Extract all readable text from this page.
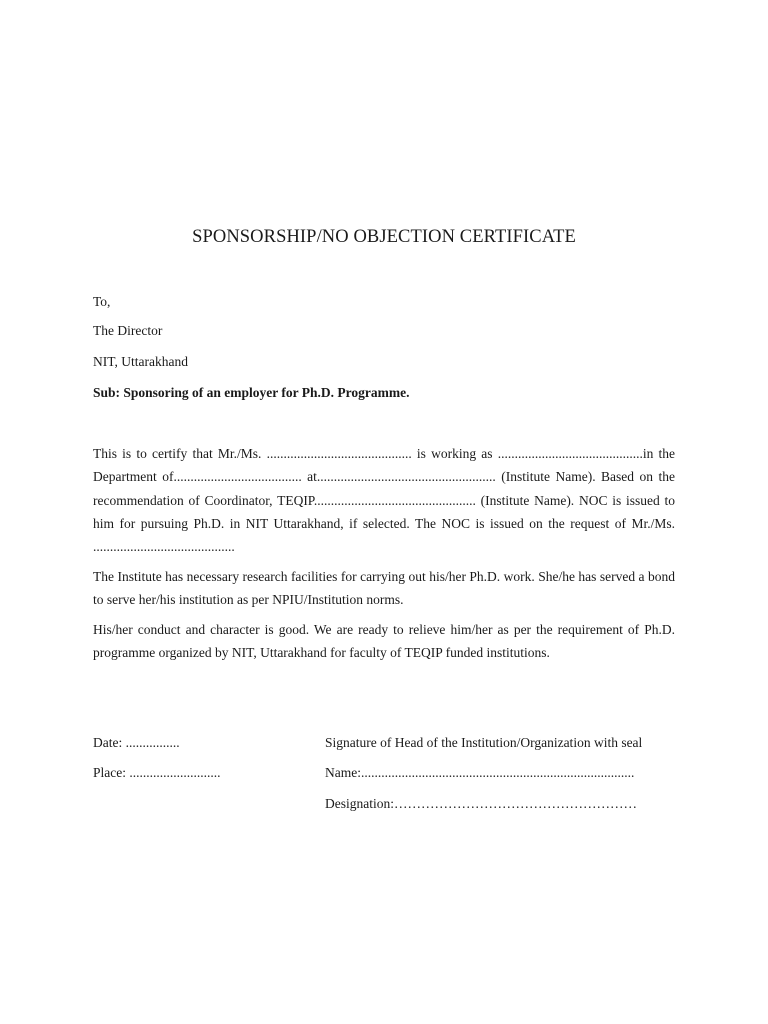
SPONSORSHIP/NO OBJECTION CERTIFICATE
To,
The Director
NIT, Uttarakhand
Sub: Sponsoring of an employer for Ph.D. Programme.
This is to certify that Mr./Ms. ........................................... is working as ...........................................in the Department of...................................... at..................................................... (Institute Name). Based on the recommendation of Coordinator, TEQIP................................................ (Institute Name). NOC is issued to him for pursuing Ph.D. in NIT Uttarakhand, if selected. The NOC is issued on the request of Mr./Ms. ..........................................
The Institute has necessary research facilities for carrying out his/her Ph.D. work. She/he has served a bond to serve her/his institution as per NPIU/Institution norms.
His/her conduct and character is good. We are ready to relieve him/her as per the requirement of Ph.D. programme organized by NIT, Uttarakhand for faculty of TEQIP funded institutions.
Date: ................
Place: ...........................
Signature of Head of the Institution/Organization with seal
Name:.................................................................................
Designation:………………………………………………
